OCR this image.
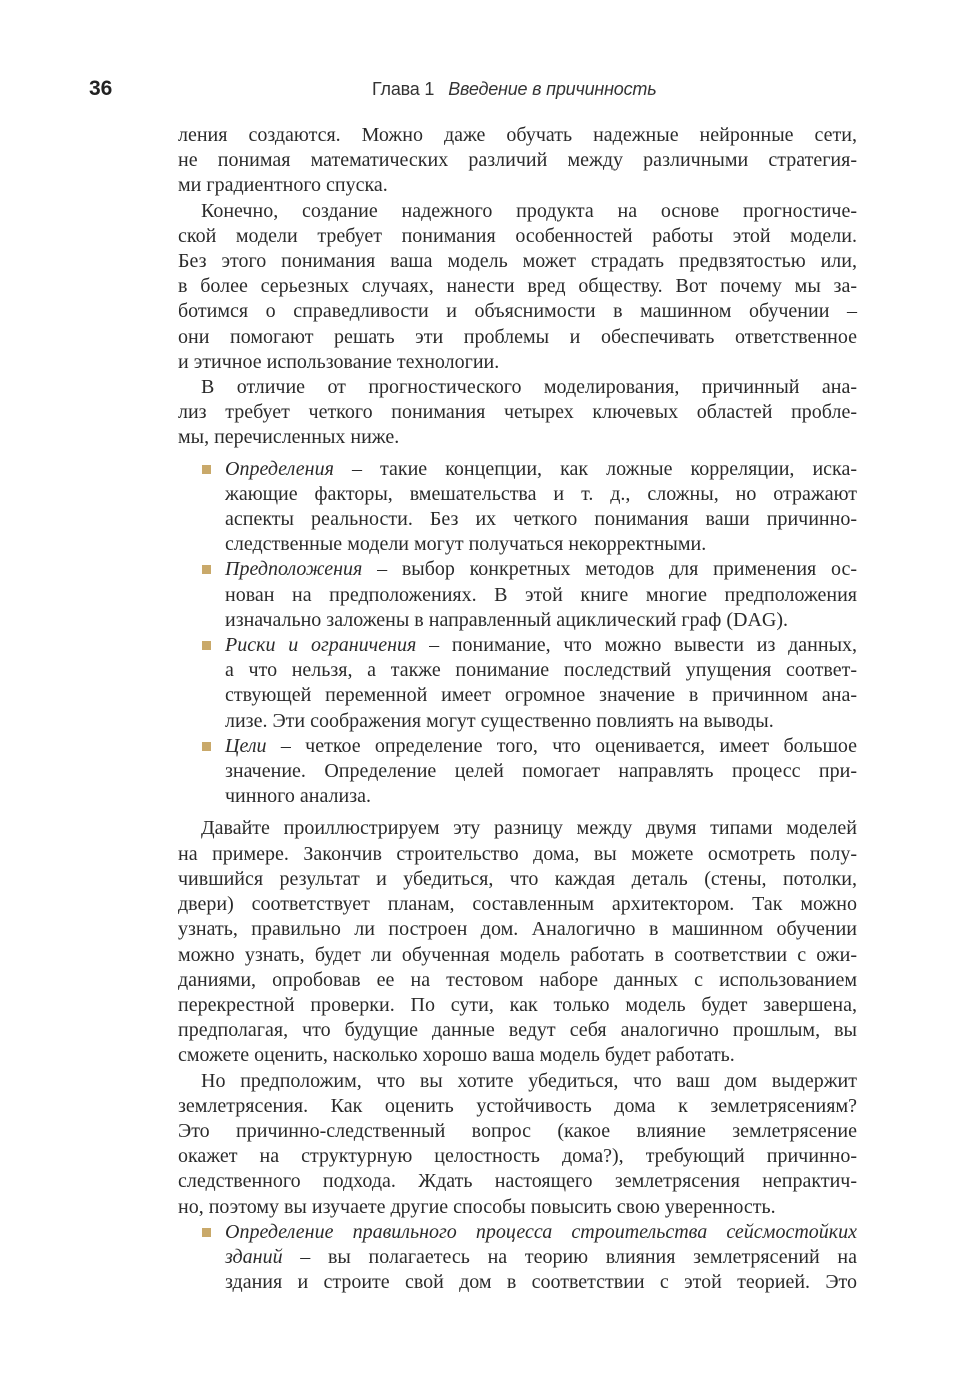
36	Глава 1 Введение в причинность
ления создаются. Можно даже обучать надежные нейронные сети,
не понимая математических различий между различными стратегия-
ми градиентного спуска.
Конечно, создание надежного продукта на основе прогностиче-
ской модели требует понимания особенностей работы этой модели.
Без этого понимания ваша модель может страдать предвзятостью или,
в более серьезных случаях, нанести вред обществу. Вот почему мы за-
ботимся о справедливости и объяснимости в машинном обучении –
они помогают решать эти проблемы и обеспечивать ответственное
и этичное использование технологии.
В отличие от прогностического моделирования, причинный ана-
лиз требует четкого понимания четырех ключевых областей пробле-
мы, перечисленных ниже.
Определения – такие концепции, как ложные корреляции, иска-
жающие факторы, вмешательства и т. д., сложны, но отражают
аспекты реальности. Без их четкого понимания ваши причинно-
следственные модели могут получаться некорректными.
Предположения – выбор конкретных методов для применения ос-
нован на предположениях. В этой книге многие предположения
изначально заложены в направленный ациклический граф (DAG).
Риски и ограничения – понимание, что можно вывести из данных,
а что нельзя, а также понимание последствий упущения соответ-
ствующей переменной имеет огромное значение в причинном ана-
лизе. Эти соображения могут существенно повлиять на выводы.
Цели – четкое определение того, что оценивается, имеет большое
значение. Определение целей помогает направлять процесс при-
чинного анализа.
Давайте проиллюстрируем эту разницу между двумя типами моделей
на примере. Закончив строительство дома, вы можете осмотреть полу-
чившийся результат и убедиться, что каждая деталь (стены, потолки,
двери) соответствует планам, составленным архитектором. Так можно
узнать, правильно ли построен дом. Аналогично в машинном обучении
можно узнать, будет ли обученная модель работать в соответствии с ожи-
даниями, опробовав ее на тестовом наборе данных с использованием
перекрестной проверки. По сути, как только модель будет завершена,
предполагая, что будущие данные ведут себя аналогично прошлым, вы
сможете оценить, насколько хорошо ваша модель будет работать.
Но предположим, что вы хотите убедиться, что ваш дом выдержит
землетрясения. Как оценить устойчивость дома к землетрясениям?
Это причинно-следственный вопрос (какое влияние землетрясение
окажет на структурную целостность дома?), требующий причинно-
следственного подхода. Ждать настоящего землетрясения непрактич-
но, поэтому вы изучаете другие способы повысить свою уверенность.
Определение правильного процесса строительства сейсмостойких
зданий – вы полагаетесь на теорию влияния землетрясений на
здания и строите свой дом в соответствии с этой теорией. Это
